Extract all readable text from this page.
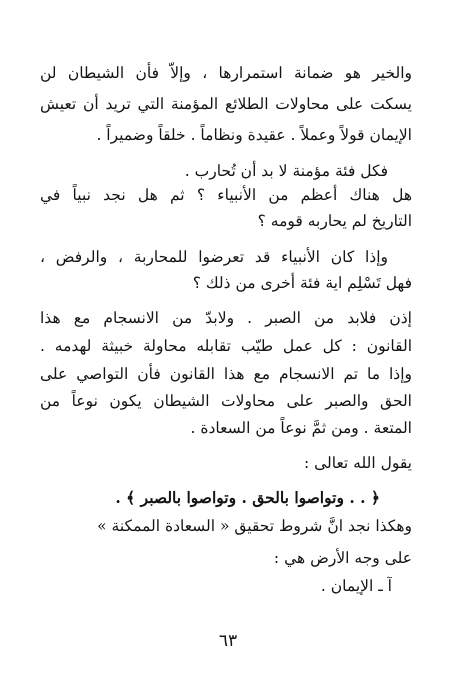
والخير هو ضمانة استمرارها ، وإلاّ فأن الشيطان لن
يسكت على محاولات الطلائع المؤمنة التي تريد أن تعيش
الإيمان قولاً وعملاً . عقيدة ونظاماً . خلقاً وضميراً .
فكل فئة مؤمنة لا بد أن تُحارب .
هل هناك أعظم من الأنبياء ؟ ثم هل نجد نبياً في
التاريخ لم يحاربه قومه ؟
وإذا كان الأنبياء قد تعرضوا للمحاربة ، والرفض ،
فهل تَسْلِم اية فئة أخرى من ذلك ؟
إذن فلابد من الصبر . ولابدّ من الانسجام مع هذا
القانون : كل عمل طيّب تقابله محاولة خبيثة لهدمه .
وإذا ما تم الانسجام مع هذا القانون فأن التواصي على
الحق والصبر على محاولات الشيطان يكون نوعاً من
المتعة . ومن ثمَّ نوعاً من السعادة .
يقول الله تعالى :
﴿ . . وتواصوا بالحق . وتواصوا بالصبر ﴾ .
وهكذا نجد انَّ شروط تحقيق « السعادة الممكنة »
على وجه الأرض هي :
آ ـ الإيمان .
٦٣
